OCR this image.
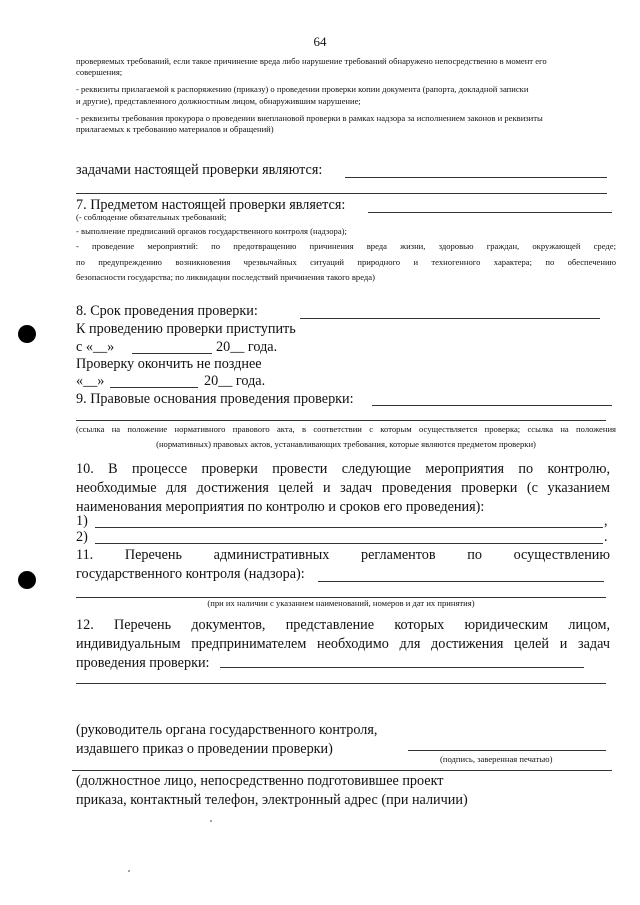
64
проверяемых требований, если такое причинение вреда либо нарушение требований обнаружено непосредственно в момент его
совершения;
- реквизиты прилагаемой к распоряжению (приказу) о проведении проверки копии документа (рапорта, докладной записки
и другие), представленного должностным лицом, обнаружившим нарушение;
- реквизиты требования прокурора о проведении внеплановой проверки в рамках надзора за исполнением законов и реквизиты
прилагаемых к требованию материалов и обращений)
задачами настоящей проверки являются:
7. Предметом настоящей проверки является:
(- соблюдение обязательных требований;
- выполнение предписаний органов государственного контроля (надзора);
- проведение мероприятий: по предотвращению причинения вреда жизни, здоровью граждан, окружающей среде;
по предупреждению возникновения чрезвычайных ситуаций природного и техногенного характера; по обеспечению
безопасности государства; по ликвидации последствий причинения такого вреда)
8. Срок проведения проверки:
К проведению проверки приступить
с «__»	20__ года.
Проверку окончить не позднее
«__»	20__ года.
9. Правовые основания проведения проверки:
(ссылка на положение нормативного правового акта, в соответствии с которым осуществляется проверка; ссылка на положения
(нормативных) правовых актов, устанавливающих требования, которые являются предметом проверки)
10. В процессе проверки провести следующие мероприятия по контролю,
необходимые для достижения целей и задач проведения проверки (с указанием
наименования мероприятия по контролю и сроков его проведения):
1)	,
2)	.
11. Перечень административных регламентов по осуществлению
государственного контроля (надзора):
(при их наличии с указанием наименований, номеров и дат их принятия)
12. Перечень документов, представление которых юридическим лицом,
индивидуальным предпринимателем необходимо для достижения целей и задач
проведения проверки:
(руководитель органа государственного контроля,
издавшего приказ о проведении проверки)
(подпись, заверенная печатью)
(должностное лицо, непосредственно подготовившее проект
приказа, контактный телефон, электронный адрес (при наличии)
